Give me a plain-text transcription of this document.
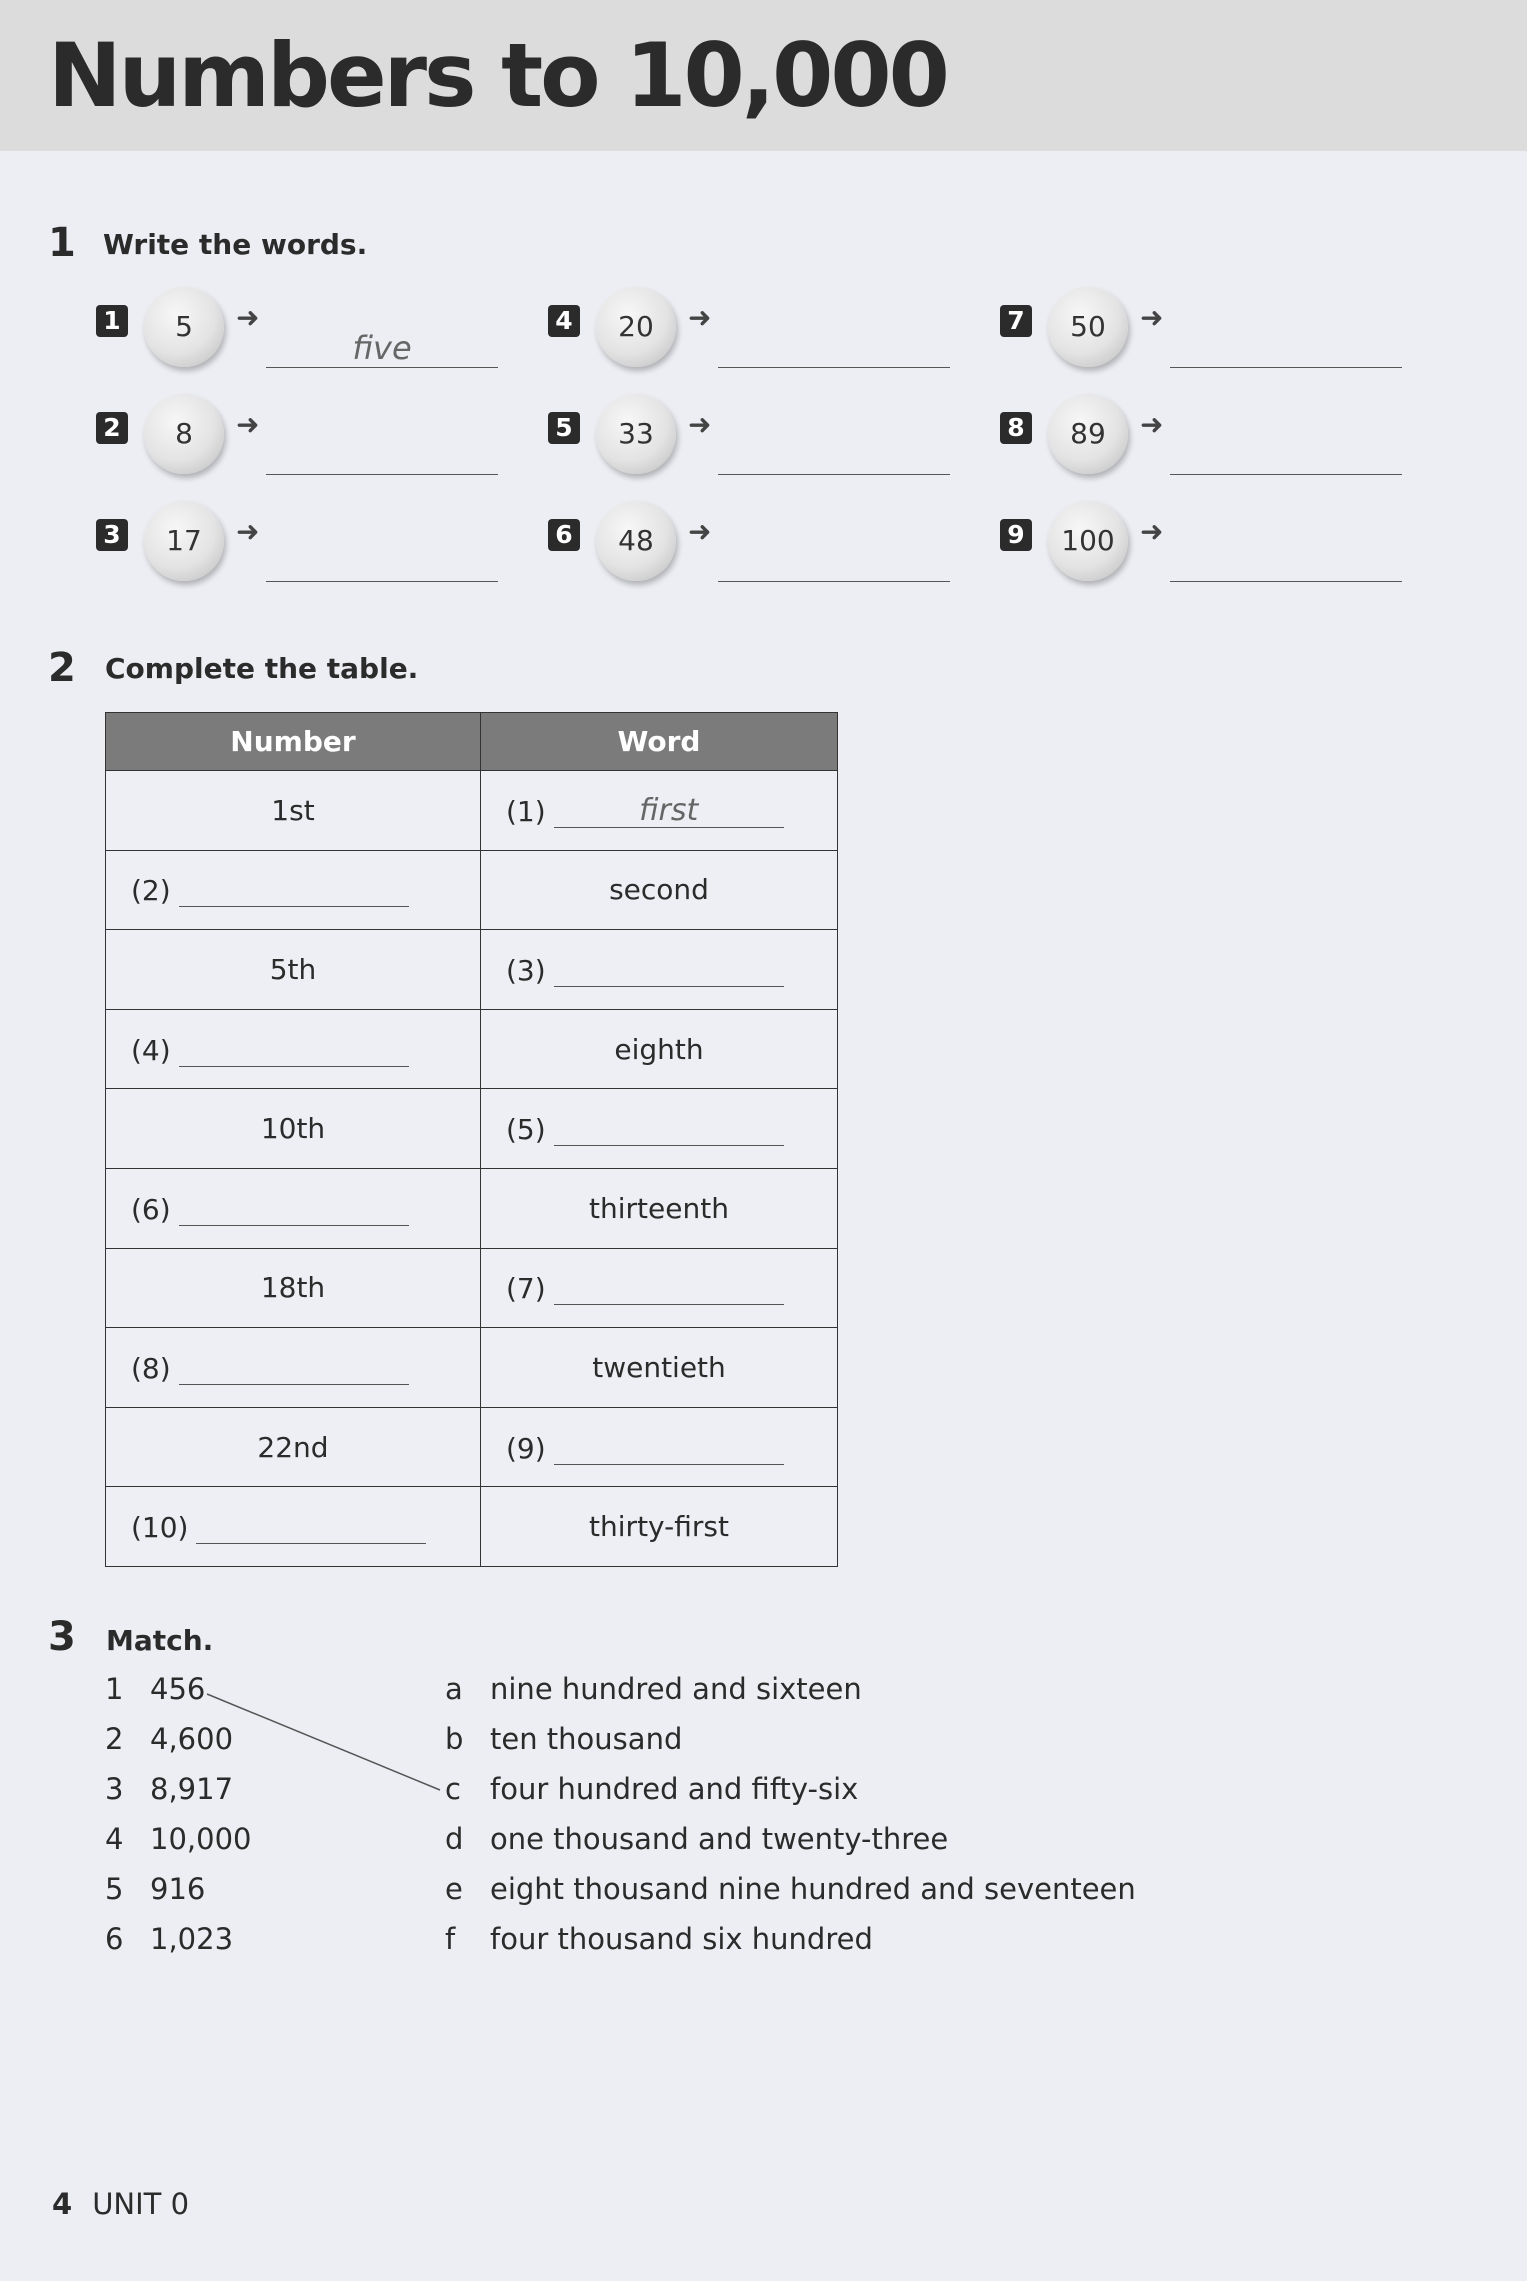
Numbers to 10,000
1 Write the words.
1	5	➜
five
2	8	➜
3	17	➜
4	20	➜
5	33	➜
6	48	➜
7	50	➜
8	89	➜
9	100 ➜
2 Complete the table.
Number	Word
1st	(1) first
(2)	second
5th	(3)
(4)	eighth
10th	(5)
(6)	thirteenth
18th	(7)
(8)	twentieth
22nd	(9)
(10)	thirty-first
3 Match.
1 456	a nine hundred and sixteen
2 4,600	b ten thousand
3 8,917	c	four hundred and fifty-six
4 10,000	d one thousand and twenty-three
5 916	e eight thousand nine hundred and seventeen
6 1,023	f	four thousand six hundred
4 UNIT 0
